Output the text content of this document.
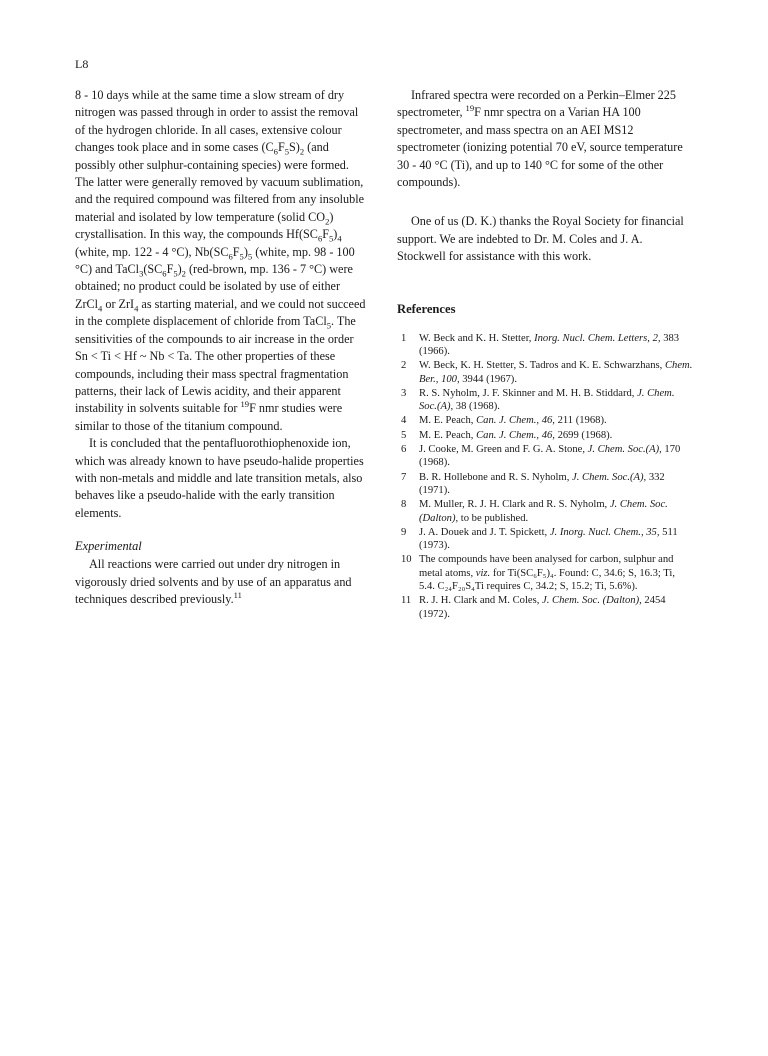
L8

8 - 10 days while at the same time a slow stream of dry nitrogen was passed through in order to assist the removal of the hydrogen chloride. In all cases, extensive colour changes took place and in some cases $(C_6F_5S)_2$ (and possibly other sulphur-containing species) were formed. The latter were generally removed by vacuum sublimation, and the required compound was filtered from any insoluble material and isolated by low temperature (solid $CO_2$) crystallisation. In this way, the compounds $Hf(SC_6F_5)_4$ (white, mp. 122 - 4 °C), $Nb(SC_6F_5)_5$ (white, mp. 98 - 100 °C) and $TaCl_3(SC_6F_5)_2$ (red-brown, mp. 136 - 7 °C) were obtained; no product could be isolated by use of either ZrCl$_4$ or ZrI$_4$ as starting material, and we could not succeed in the complete displacement of chloride from TaCl$_5$. The sensitivities of the compounds to air increase in the order Sn < Ti < Hf ~ Nb < Ta. The other properties of these compounds, including their mass spectral fragmentation patterns, their lack of Lewis acidity, and their apparent instability in solvents suitable for $^{19}$F nmr studies were similar to those of the titanium compound.

It is concluded that the pentafluorothiophenoxide ion, which was already known to have pseudo-halide properties with non-metals and middle and late transition metals, also behaves like a pseudo-halide with the early transition elements.

Experimental

All reactions were carried out under dry nitrogen in vigorously dried solvents and by use of an apparatus and techniques described previously.$^{11}$

Infrared spectra were recorded on a Perkin–Elmer 225 spectrometer, $^{19}$F nmr spectra on a Varian HA 100 spectrometer, and mass spectra on an AEI MS12 spectrometer (ionizing potential 70 eV, source temperature 30 - 40 °C (Ti), and up to 140 °C for some of the other compounds).

One of us (D. K.) thanks the Royal Society for financial support. We are indebted to Dr. M. Coles and J. A. Stockwell for assistance with this work.

References
1	W. Beck and K. H. Stetter, Inorg. Nucl. Chem. Letters, 2, 383 (1966).
2	W. Beck, K. H. Stetter, S. Tadros and K. E. Schwarzhans, Chem. Ber., 100, 3944 (1967).
3	R. S. Nyholm, J. F. Skinner and M. H. B. Stiddard, J. Chem. Soc.(A), 38 (1968).
4	M. E. Peach, Can. J. Chem., 46, 211 (1968).
5	M. E. Peach, Can. J. Chem., 46, 2699 (1968).
6	J. Cooke, M. Green and F. G. A. Stone, J. Chem. Soc.(A), 170 (1968).
7	B. R. Hollebone and R. S. Nyholm, J. Chem. Soc.(A), 332 (1971).
8	M. Muller, R. J. H. Clark and R. S. Nyholm, J. Chem. Soc. (Dalton), to be published.
9	J. A. Douek and J. T. Spickett, J. Inorg. Nucl. Chem., 35, 511 (1973).
10 The compounds have been analysed for carbon, sulphur and metal atoms, viz. for Ti(SC₆F₅)₄. Found: C, 34.6; S, 16.3; Ti, 5.4. C₂₄F₂₀S₄Ti requires C, 34.2; S, 15.2; Ti, 5.6%).
11 R. J. H. Clark and M. Coles, J. Chem. Soc. (Dalton), 2454 (1972).
